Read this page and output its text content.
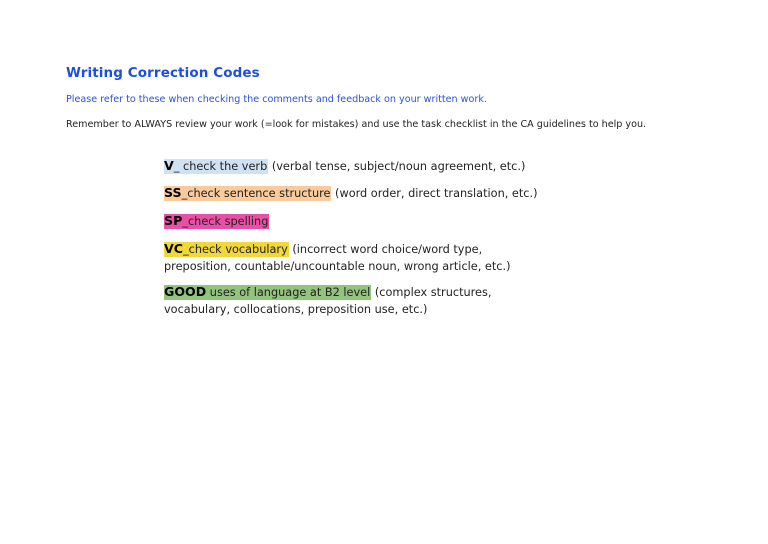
Writing Correction Codes
Please refer to these when checking the comments and feedback on your written work.
Remember to ALWAYS review your work (=look for mistakes) and use the task checklist in the CA guidelines to help you.
V_ check the verb (verbal tense, subject/noun agreement, etc.)
SS_check sentence structure (word order, direct translation, etc.)
SP_check spelling
VC_check vocabulary (incorrect word choice/word type, preposition, countable/uncountable noun, wrong article, etc.)
GOOD uses of language at B2 level (complex structures, vocabulary, collocations, preposition use, etc.)
